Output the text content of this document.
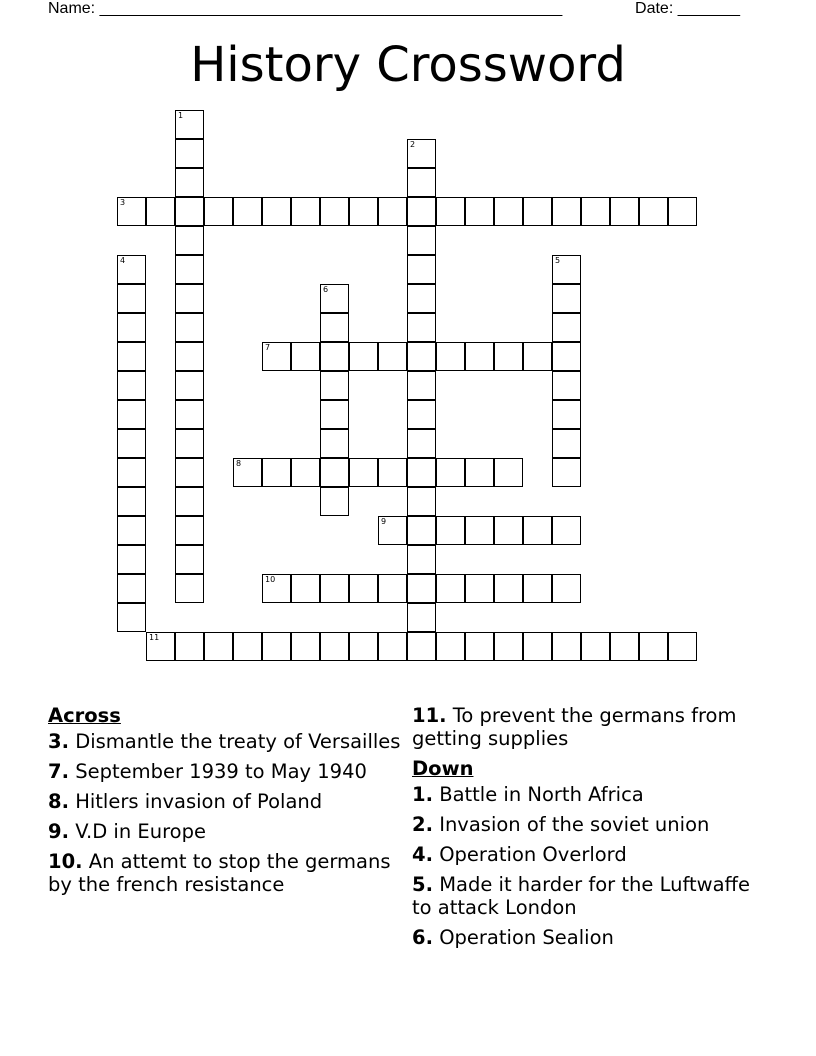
Name: ____________________________________________________	Date: _______
History Crossword
1
2
3
4	5
6
7
8
9
10
11
Across
3. Dismantle the treaty of Versailles
7. September 1939 to May 1940
8. Hitlers invasion of Poland
9. V.D in Europe
10. An attemt to stop the germans by the french resistance
11. To prevent the germans from getting supplies
Down
1. Battle in North Africa
2. Invasion of the soviet union
4. Operation Overlord
5. Made it harder for the Luftwaffe to attack London
6. Operation Sealion
